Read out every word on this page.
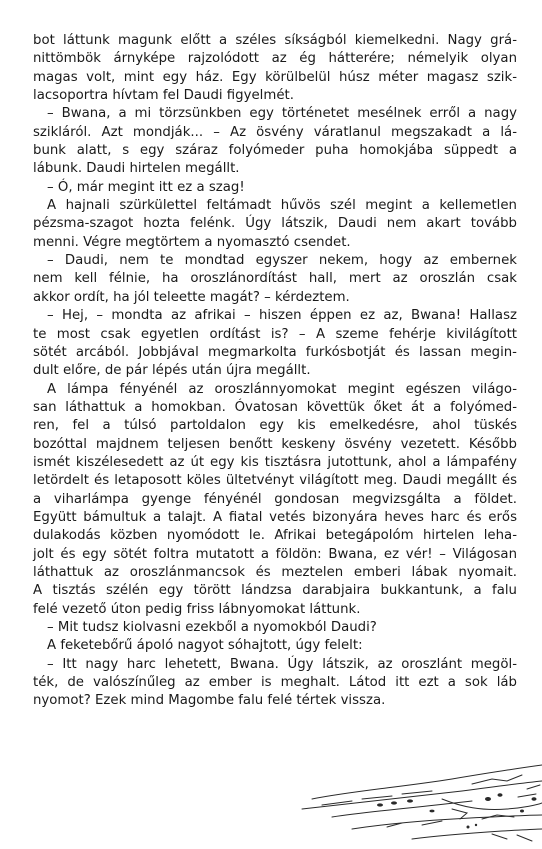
bot láttunk magunk előtt a széles síkságból kiemelkedni. Nagy grá-
nittömbök árnyképe rajzolódott az ég hátterére; némelyik olyan
magas volt, mint egy ház. Egy körülbelül húsz méter magasz szik-
lacsoportra hívtam fel Daudi figyelmét.
– Bwana, a mi törzsünkben egy történetet mesélnek erről a nagy
szikláról. Azt mondják... – Az ösvény váratlanul megszakadt a lá-
bunk alatt, s egy száraz folyómeder puha homokjába süppedt a
lábunk. Daudi hirtelen megállt.
– Ó, már megint itt ez a szag!
A hajnali szürkülettel feltámadt hűvös szél megint a kellemetlen
pézsma-szagot hozta felénk. Úgy látszik, Daudi nem akart tovább
menni. Végre megtörtem a nyomasztó csendet.
– Daudi, nem te mondtad egyszer nekem, hogy az embernek
nem kell félnie, ha oroszlánordítást hall, mert az oroszlán csak
akkor ordít, ha jól teleette magát? – kérdeztem.
– Hej, – mondta az afrikai – hiszen éppen ez az, Bwana! Hallasz
te most csak egyetlen ordítást is? – A szeme fehérje kivilágított
sötét arcából. Jobbjával megmarkolta furkósbotját és lassan megin-
dult előre, de pár lépés után újra megállt.
A lámpa fényénél az oroszlánnyomokat megint egészen világo-
san láthattuk a homokban. Óvatosan követtük őket át a folyómed-
ren, fel a túlsó partoldalon egy kis emelkedésre, ahol tüskés
bozóttal majdnem teljesen benőtt keskeny ösvény vezetett. Később
ismét kiszélesedett az út egy kis tisztásra jutottunk, ahol a lámpafény
letördelt és letaposott köles ültetvényt világított meg. Daudi megállt és
a viharlámpa gyenge fényénél gondosan megvizsgálta a földet.
Együtt bámultuk a talajt. A fiatal vetés bizonyára heves harc és erős
dulakodás közben nyomódott le. Afrikai betegápolóm hirtelen leha-
jolt és egy sötét foltra mutatott a földön: Bwana, ez vér! – Világosan
láthattuk az oroszlánmancsok és meztelen emberi lábak nyomait.
A tisztás szélén egy törött lándzsa darabjaira bukkantunk, a falu
felé vezető úton pedig friss lábnyomokat láttunk.
– Mit tudsz kiolvasni ezekből a nyomokból Daudi?
A feketebőrű ápoló nagyot sóhajtott, úgy felelt:
– Itt nagy harc lehetett, Bwana. Úgy látszik, az oroszlánt megöl-
ték, de valószínűleg az ember is meghalt. Látod itt ezt a sok láb
nyomot? Ezek mind Magombe falu felé tértek vissza.
